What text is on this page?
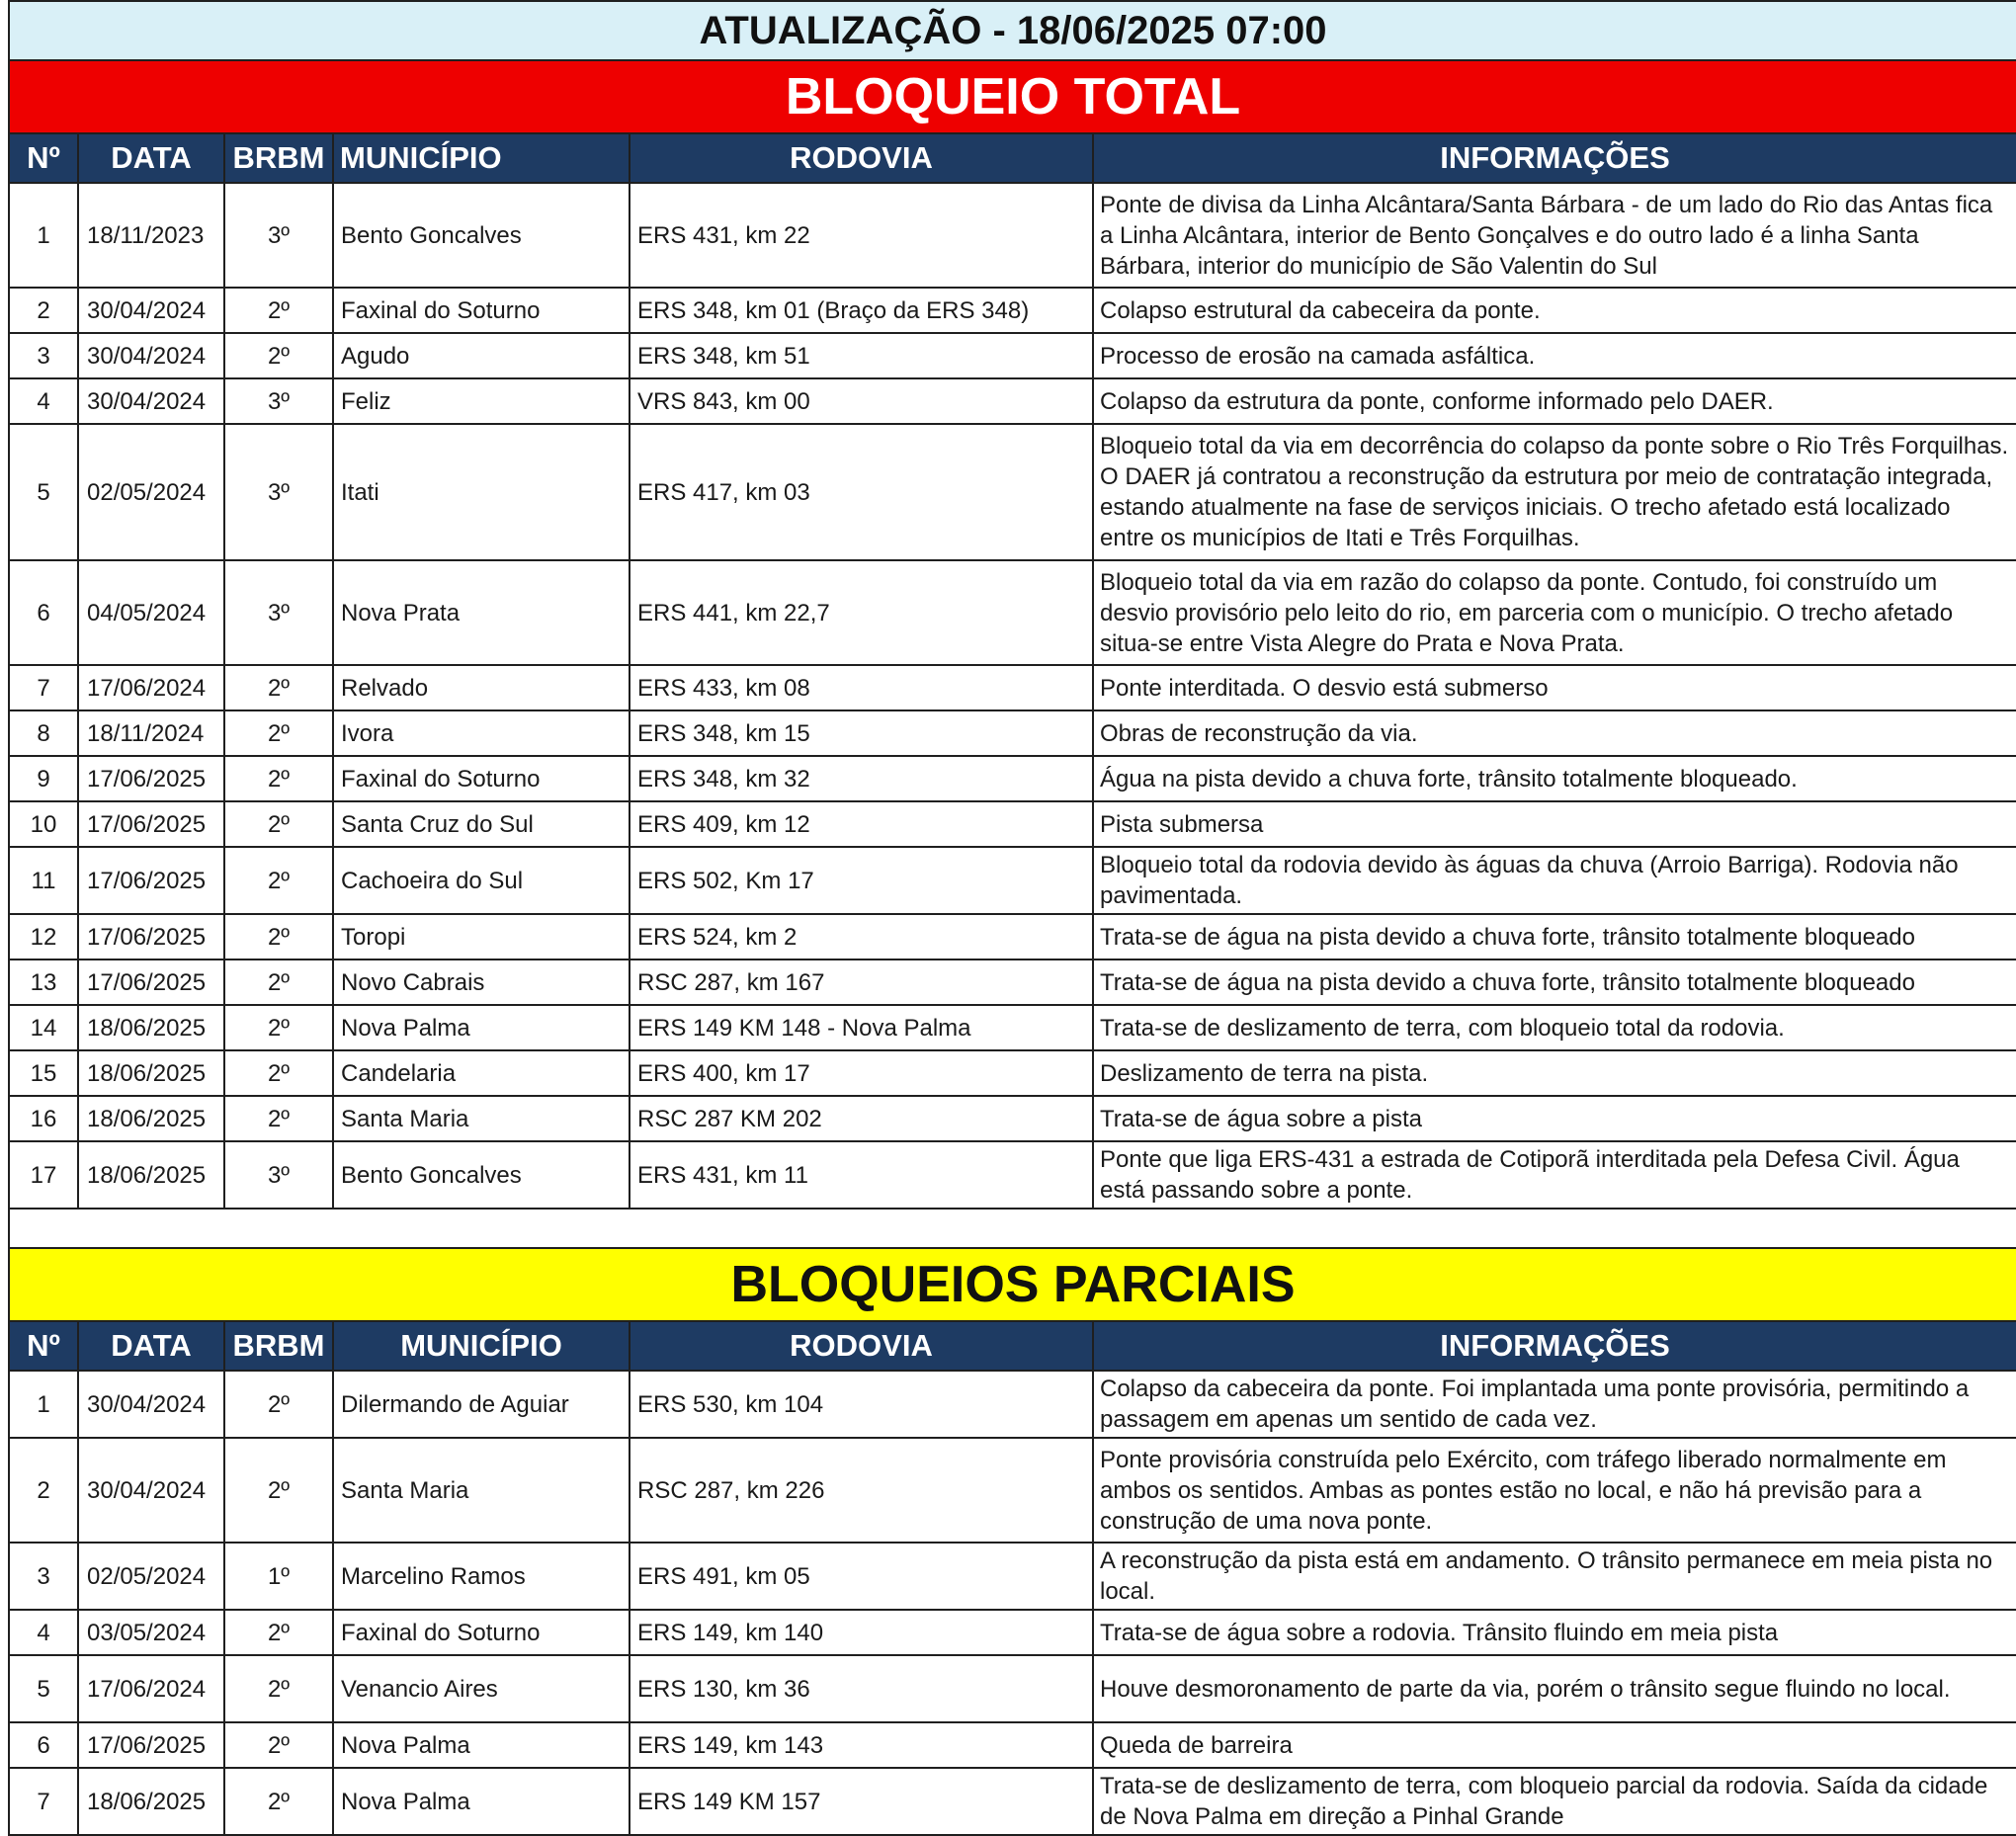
ATUALIZAÇÃO - 18/06/2025 07:00					
BLOQUEIO TOTAL					
Nº	DATA	BRBM	MUNICÍPIO	RODOVIA	INFORMAÇÕES
1	18/11/2023	3º	Bento Goncalves	ERS 431, km 22	Ponte de divisa da Linha Alcântara/Santa Bárbara - de um lado do Rio das Antas fica a Linha Alcântara, interior de Bento Gonçalves e do outro lado é a linha Santa Bárbara, interior do município de São Valentin do Sul
2	30/04/2024	2º	Faxinal do Soturno	ERS 348, km 01 (Braço da ERS 348)	Colapso estrutural da cabeceira da ponte.
3	30/04/2024	2º	Agudo	ERS 348, km 51	Processo de erosão na camada asfáltica.
4	30/04/2024	3º	Feliz	VRS 843, km 00	Colapso da estrutura da ponte, conforme informado pelo DAER.
5	02/05/2024	3º	Itati	ERS 417, km 03	Bloqueio total da via em decorrência do colapso da ponte sobre o Rio Três Forquilhas. O DAER já contratou a reconstrução da estrutura por meio de contratação integrada, estando atualmente na fase de serviços iniciais. O trecho afetado está localizado entre os municípios de Itati e Três Forquilhas.
6	04/05/2024	3º	Nova Prata	ERS 441, km 22,7	Bloqueio total da via em razão do colapso da ponte. Contudo, foi construído um desvio provisório pelo leito do rio, em parceria com o município. O trecho afetado situa-se entre Vista Alegre do Prata e Nova Prata.
7	17/06/2024	2º	Relvado	ERS 433, km 08	Ponte interditada. O desvio está submerso
8	18/11/2024	2º	Ivora	ERS 348, km 15	Obras de reconstrução da via.
9	17/06/2025	2º	Faxinal do Soturno	ERS 348, km 32	Água na pista devido a chuva forte, trânsito totalmente bloqueado.
10	17/06/2025	2º	Santa Cruz do Sul	ERS 409, km 12	Pista submersa
11	17/06/2025	2º	Cachoeira do Sul	ERS 502, Km 17	Bloqueio total da rodovia devido às águas da chuva (Arroio Barriga). Rodovia não pavimentada.
12	17/06/2025	2º	Toropi	ERS 524, km 2	Trata-se de água na pista devido a chuva forte, trânsito totalmente bloqueado
13	17/06/2025	2º	Novo Cabrais	RSC 287, km 167	Trata-se de água na pista devido a chuva forte, trânsito totalmente bloqueado
14	18/06/2025	2º	Nova Palma	ERS 149 KM 148 - Nova Palma	Trata-se de deslizamento de terra, com bloqueio total da rodovia.
15	18/06/2025	2º	Candelaria	ERS 400, km 17	Deslizamento de terra na pista.
16	18/06/2025	2º	Santa Maria	RSC 287 KM 202	Trata-se de água sobre a pista
17	18/06/2025	3º	Bento Goncalves	ERS 431, km 11	Ponte que liga ERS-431 a estrada de Cotiporã interditada pela Defesa Civil. Água está passando sobre a ponte.

BLOQUEIOS PARCIAIS					
Nº	DATA	BRBM	MUNICÍPIO	RODOVIA	INFORMAÇÕES
1	30/04/2024	2º	Dilermando de Aguiar	ERS 530, km 104	Colapso da cabeceira da ponte. Foi implantada uma ponte provisória, permitindo a passagem em apenas um sentido de cada vez.
2	30/04/2024	2º	Santa Maria	RSC 287, km 226	Ponte provisória construída pelo Exército, com tráfego liberado normalmente em ambos os sentidos. Ambas as pontes estão no local, e não há previsão para a construção de uma nova ponte.
3	02/05/2024	1º	Marcelino Ramos	ERS 491, km 05	A reconstrução da pista está em andamento. O trânsito permanece em meia pista no local.
4	03/05/2024	2º	Faxinal do Soturno	ERS 149, km 140	Trata-se de água sobre a rodovia. Trânsito fluindo em meia pista
5	17/06/2024	2º	Venancio Aires	ERS 130, km 36	Houve desmoronamento de parte da via, porém o trânsito segue fluindo no local.
6	17/06/2025	2º	Nova Palma	ERS 149, km 143	Queda de barreira
7	18/06/2025	2º	Nova Palma	ERS 149 KM 157	Trata-se de deslizamento de terra, com bloqueio parcial da rodovia. Saída da cidade de Nova Palma em direção a Pinhal Grande
